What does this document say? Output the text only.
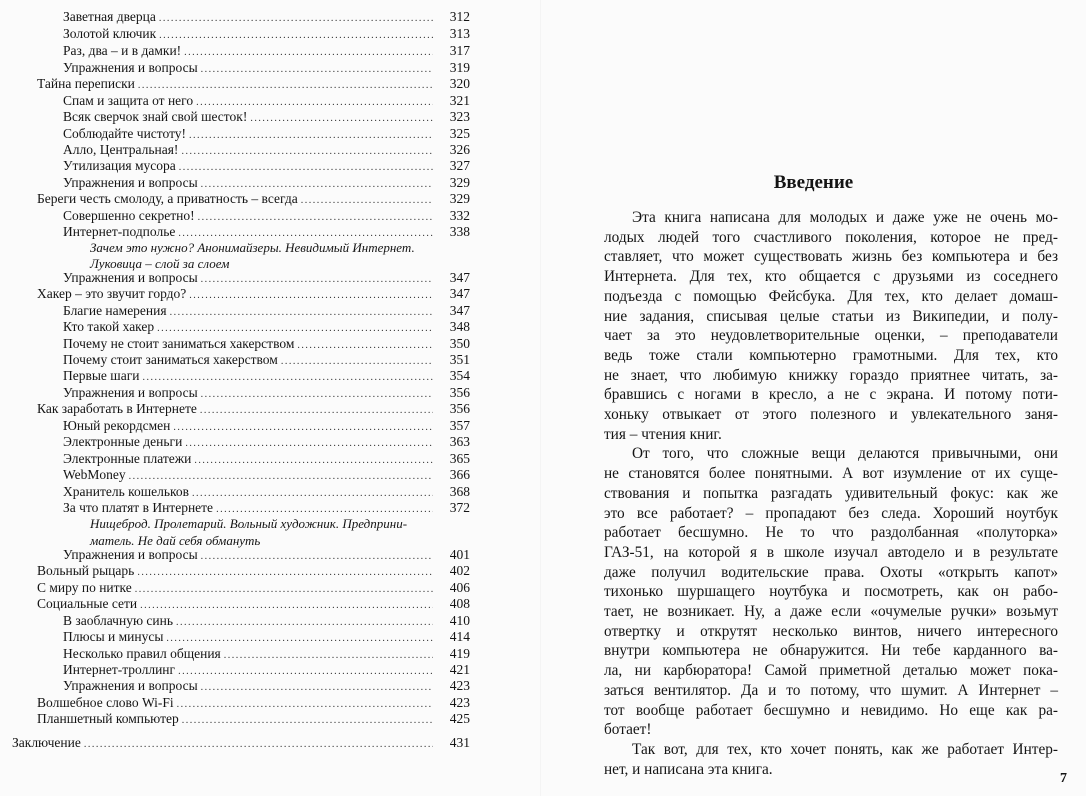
Заветная дверца .....	312
Золотой ключик .....	313
Раз, два – и в дамки! .....	317
Упражнения и вопросы .....	319
Тайна переписки .....	320
Спам и защита от него .....	321
Всяк сверчок знай свой шесток! .....	323
Соблюдайте чистоту! .....	325
Алло, Центральная! .....	326
Утилизация мусора .....	327
Упражнения и вопросы .....	329
Береги честь смолоду, а приватность – всегда .....	329
Совершенно секретно! .....	332
Интернет-подполье .....	338
Упражнения и вопросы .....	347
Хакер – это звучит гордо? .....	347
Благие намерения .....	347
Кто такой хакер .....	348
Почему не стоит заниматься хакерством .....	350
Почему стоит заниматься хакерством .....	351
Первые шаги .....	354
Упражнения и вопросы .....	356
Как заработать в Интернете .....	356
Юный рекордсмен .....	357
Электронные деньги .....	363
Электронные платежи .....	365
WebMoney .....	366
Хранитель кошельков .....	368
За что платят в Интернете .....	372
Упражнения и вопросы .....	401
Вольный рыцарь .....	402
С миру по нитке .....	406
Социальные сети .....	408
В заоблачную синь .....	410
Плюсы и минусы .....	414
Несколько правил общения .....	419
Интернет-троллинг .....	421
Упражнения и вопросы .....	423
Волшебное слово Wi-Fi .....	423
Планшетный компьютер .....	425
Заключение .....	431
Зачем это нужно? Анонимайзеры. Невидимый Интернет.
Луковица – слой за слоем
Нищеброд. Пролетарий. Вольный художник. Предприни-
матель. Не дай себя обмануть
Введение
Эта книга написана для молодых и даже уже не очень мо-
лодых людей того счастливого поколения, которое не пред-
ставляет, что может существовать жизнь без компьютера и без
Интернета. Для тех, кто общается с друзьями из соседнего
подъезда с помощью Фейсбука. Для тех, кто делает домаш-
ние задания, списывая целые статьи из Википедии, и полу-
чает за это неудовлетворительные оценки, – преподаватели
ведь тоже стали компьютерно грамотными. Для тех, кто
не знает, что любимую книжку гораздо приятнее читать, за-
бравшись с ногами в кресло, а не с экрана. И потому поти-
хоньку отвыкает от этого полезного и увлекательного заня-
тия – чтения книг.
От того, что сложные вещи делаются привычными, они
не становятся более понятными. А вот изумление от их суще-
ствования и попытка разгадать удивительный фокус: как же
это все работает? – пропадают без следа. Хороший ноутбук
работает бесшумно. Не то что раздолбанная «полуторка»
ГАЗ-51, на которой я в школе изучал автодело и в результате
даже получил водительские права. Охоты «открыть капот»
тихонько шуршащего ноутбука и посмотреть, как он рабо-
тает, не возникает. Ну, а даже если «очумелые ручки» возьмут
отвертку и открутят несколько винтов, ничего интересного
внутри компьютера не обнаружится. Ни тебе карданного ва-
ла, ни карбюратора! Самой приметной деталью может пока-
заться вентилятор. Да и то потому, что шумит. А Интернет –
тот вообще работает бесшумно и невидимо. Но еще как ра-
ботает!
Так вот, для тех, кто хочет понять, как же работает Интер-
нет, и написана эта книга.
7
